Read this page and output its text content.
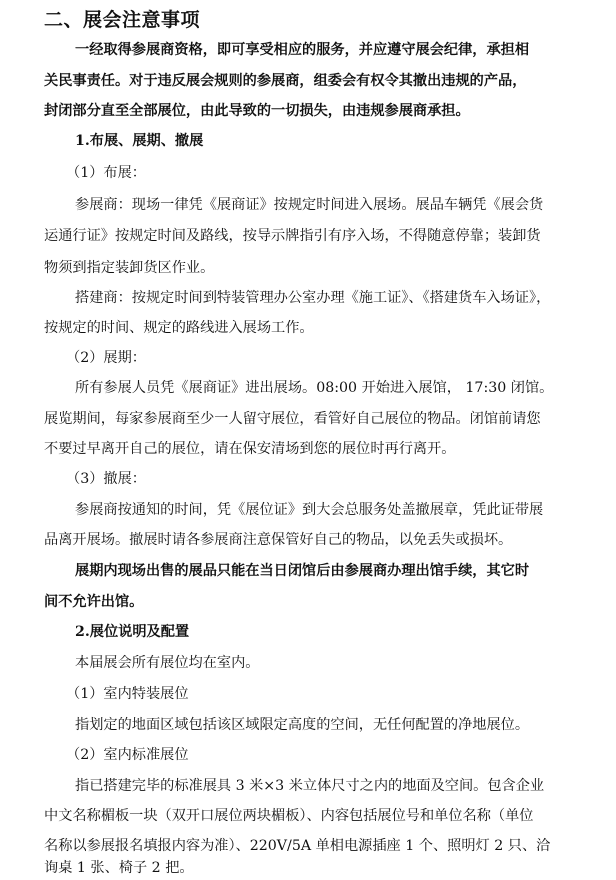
二、展会注意事项
一经取得参展商资格，即可享受相应的服务，并应遵守展会纪律，承担相
关民事责任。对于违反展会规则的参展商，组委会有权令其撤出违规的产品，
封闭部分直至全部展位，由此导致的一切损失，由违规参展商承担。
1.布展、展期、撤展
（1）布展：
参展商：现场一律凭《展商证》按规定时间进入展场。展品车辆凭《展会货
运通行证》按规定时间及路线，按导示牌指引有序入场，不得随意停靠；装卸货
物须到指定装卸货区作业。
搭建商：按规定时间到特装管理办公室办理《施工证》、《搭建货车入场证》，
按规定的时间、规定的路线进入展场工作。
（2）展期：
所有参展人员凭《展商证》进出展场。08:00 开始进入展馆， 17:30 闭馆。
展览期间，每家参展商至少一人留守展位，看管好自己展位的物品。闭馆前请您
不要过早离开自己的展位，请在保安清场到您的展位时再行离开。
（3）撤展：
参展商按通知的时间，凭《展位证》到大会总服务处盖撤展章，凭此证带展
品离开展场。撤展时请各参展商注意保管好自己的物品，以免丢失或损坏。
展期内现场出售的展品只能在当日闭馆后由参展商办理出馆手续，其它时
间不允许出馆。
2.展位说明及配置
本届展会所有展位均在室内。
（1）室内特装展位
指划定的地面区域包括该区域限定高度的空间，无任何配置的净地展位。
（2）室内标准展位
指已搭建完毕的标准展具 3 米×3 米立体尺寸之内的地面及空间。包含企业
中文名称楣板一块（双开口展位两块楣板）、内容包括展位号和单位名称（单位
名称以参展报名填报内容为准）、220V/5A 单相电源插座 1 个、照明灯 2 只、洽
询桌 1 张、椅子 2 把。
